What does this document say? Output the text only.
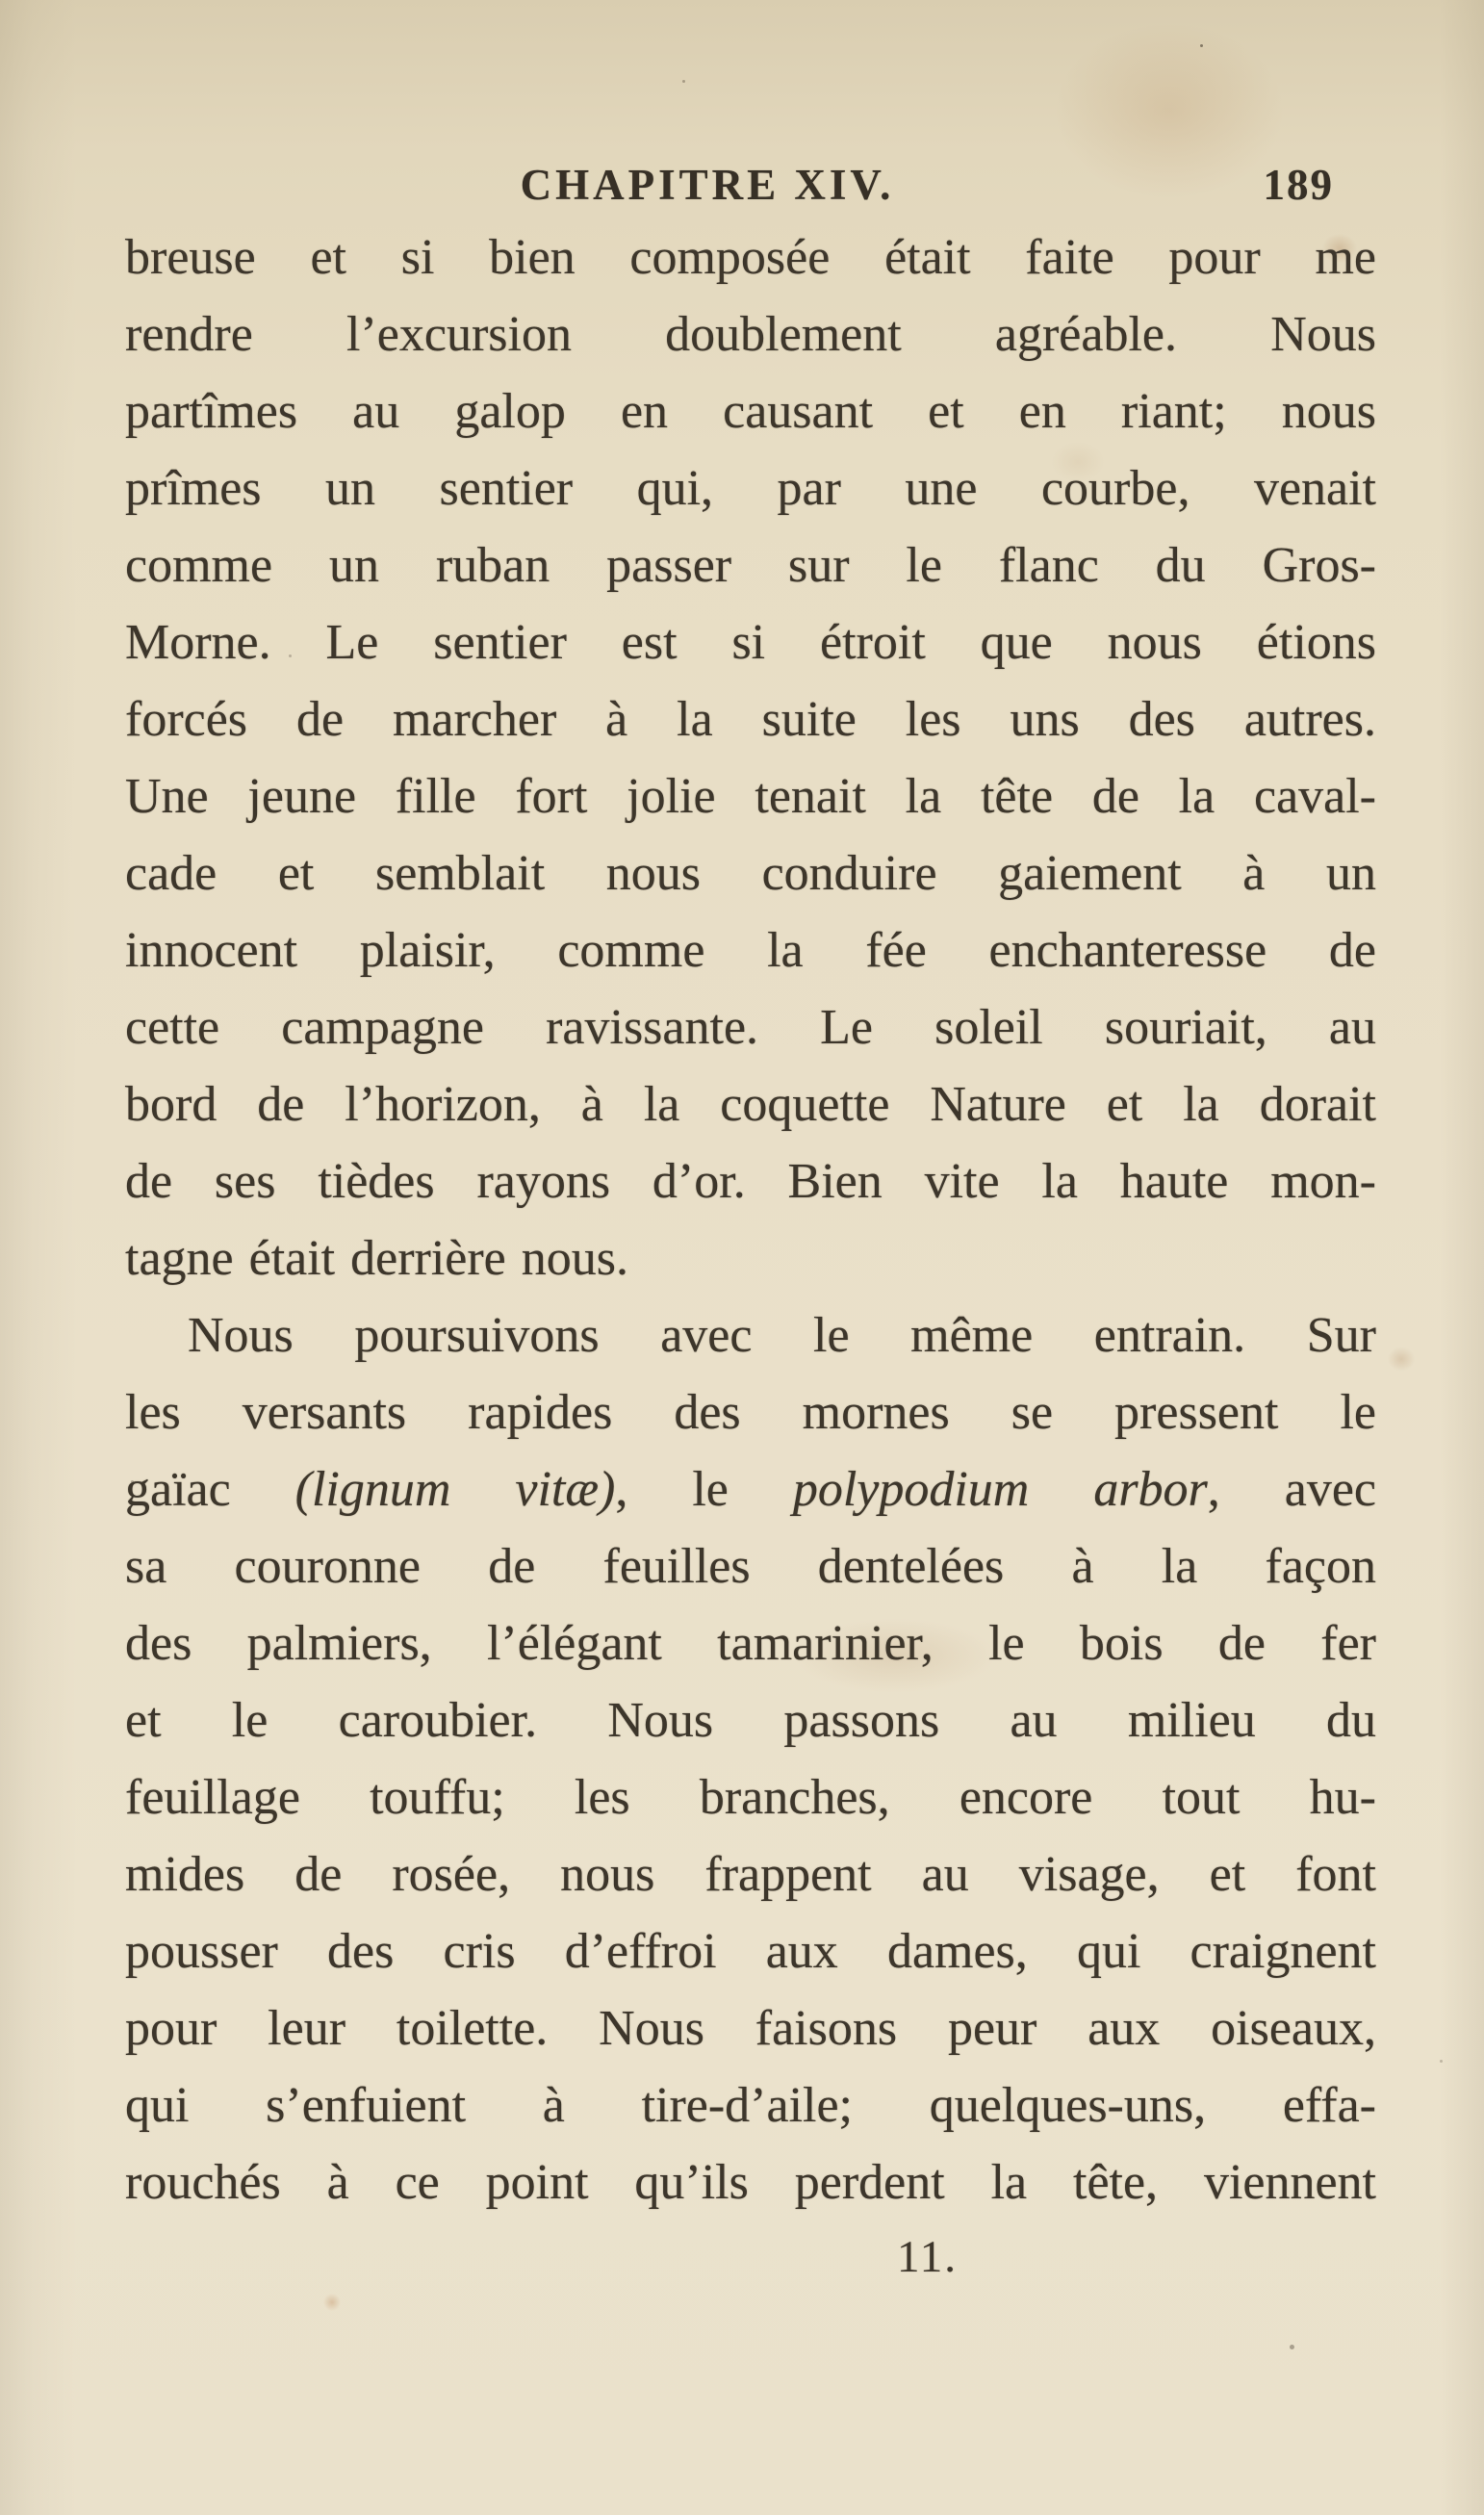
CHAPITRE XIV.	189
breuse et si bien composée était faite pour me
rendre l’excursion doublement agréable. Nous
partîmes au galop en causant et en riant; nous
prîmes un sentier qui, par une courbe, venait
comme un ruban passer sur le flanc du Gros-
Morne. Le sentier est si étroit que nous étions
forcés de marcher à la suite les uns des autres.
Une jeune fille fort jolie tenait la tête de la caval-
cade et semblait nous conduire gaiement à un
innocent plaisir, comme la fée enchanteresse de
cette campagne ravissante. Le soleil souriait, au
bord de l’horizon, à la coquette Nature et la dorait
de ses tièdes rayons d’or. Bien vite la haute mon-
tagne était derrière nous.
Nous poursuivons avec le même entrain. Sur
les versants rapides des mornes se pressent le
gaïac (lignum vitæ), le polypodium arbor, avec
sa couronne de feuilles dentelées à la façon
des palmiers, l’élégant tamarinier, le bois de fer
et le caroubier. Nous passons au milieu du
feuillage touffu; les branches, encore tout hu-
mides de rosée, nous frappent au visage, et font
pousser des cris d’effroi aux dames, qui craignent
pour leur toilette. Nous faisons peur aux oiseaux,
qui s’enfuient à tire-d’aile; quelques-uns, effa-
rouchés à ce point qu’ils perdent la tête, viennent
11.
